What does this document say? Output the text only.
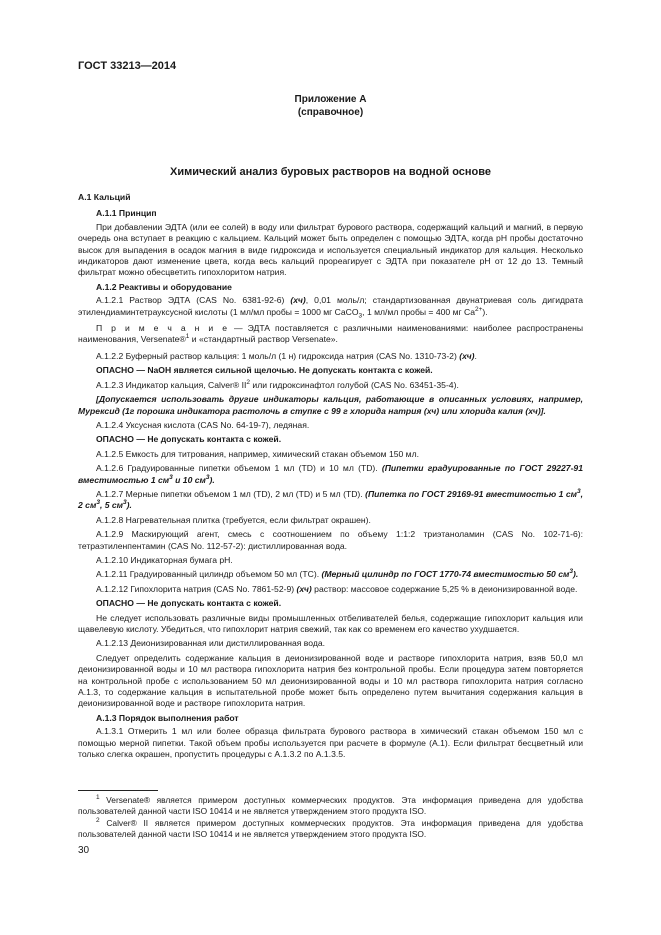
ГОСТ 33213—2014
Приложение А
(справочное)
Химический анализ буровых растворов на водной основе

А.1 Кальций

А.1.1 Принцип

При добавлении ЭДТА (или ее солей) в воду или фильтрат бурового раствора, содержащий кальций и магний, в первую очередь она вступает в реакцию с кальцием. Кальций может быть определен с помощью ЭДТА, когда pH пробы достаточно высок для выпадения в осадок магния в виде гидроксида и используется специальный индикатор для кальция. Несколько индикаторов дают изменение цвета, когда весь кальций прореагирует с ЭДТА при показателе pH от 12 до 13. Темный фильтрат можно обесцветить гипохлоритом натрия.

А.1.2 Реактивы и оборудование

А.1.2.1 Раствор ЭДТА (CAS No. 6381-92-6) (хч), 0,01 моль/л; стандартизованная двунатриевая соль дигидрата этилендиаминтетрауксусной кислоты (1 мл/мл пробы = 1000 мг CaCO$_3$, 1 мл/мл пробы = 400 мг $Ca^{2+}$).

П р и м е ч а н и е — ЭДТА поставляется с различными наименованиями: наиболее распространены наименования, Versenate®$^1$ и «стандартный раствор Versenate».

А.1.2.2 Буферный раствор кальция: 1 моль/л (1 н) гидроксида натрия (CAS No. 1310-73-2) (хч).

ОПАСНО — NaOH является сильной щелочью. Не допускать контакта с кожей.

А.1.2.3 Индикатор кальция, Calver® $II^2$ или гидроксинафтол голубой (CAS No. 63451-35-4).

[Допускается использовать другие индикаторы кальция, работающие в описанных условиях, например, Мурексид (1г порошка индикатора растолочь в ступке с 99 г хлорида натрия (хч) или хлорида калия (хч)].

А.1.2.4 Уксусная кислота (CAS No. 64-19-7), ледяная.

ОПАСНО — Не допускать контакта с кожей.

А.1.2.5 Емкость для титрования, например, химический стакан объемом 150 мл.

А.1.2.6 Градуированные пипетки объемом 1 мл (TD) и 10 мл (TD). (Пипетки градуированные по ГОСТ 29227-91 вместимостью 1 $см^3$ и 10 $см^3$).

А.1.2.7 Мерные пипетки объемом 1 мл (TD), 2 мл (TD) и 5 мл (TD). (Пипетка по ГОСТ 29169-91 вместимостью 1 $см^3$, 2 $см^3$, 5 $см^3$).

А.1.2.8 Нагревательная плитка (требуется, если фильтрат окрашен).

А.1.2.9 Маскирующий агент, смесь с соотношением по объему 1:1:2 триэтаноламин (CAS No. 102-71-6): тетраэтиленпентамин (CAS No. 112-57-2): дистиллированная вода.

А.1.2.10 Индикаторная бумага pH.

А.1.2.11 Градуированный цилиндр объемом 50 мл (TC). (Мерный цилиндр по ГОСТ 1770-74 вместимостью 50 $см^3$).

А.1.2.12 Гипохлорита натрия (CAS No. 7861-52-9) (хч) раствор: массовое содержание 5,25 % в деионизированной воде.

ОПАСНО — Не допускать контакта с кожей.

Не следует использовать различные виды промышленных отбеливателей белья, содержащие гипохлорит кальция или щавелевую кислоту. Убедиться, что гипохлорит натрия свежий, так как со временем его качество ухудшается.

А.1.2.13 Деионизированная или дистиллированная вода.

Следует определить содержание кальция в деионизированной воде и растворе гипохлорита натрия, взяв 50,0 мл деионизированной воды и 10 мл раствора гипохлорита натрия без контрольной пробы. Если процедура затем повторяется на контрольной пробе с использованием 50 мл деионизированной воды и 10 мл раствора гипохлорита натрия согласно А.1.3, то содержание кальция в испытательной пробе может быть определено путем вычитания содержания кальция в деионизированной воде и растворе гипохлорита натрия.

А.1.3 Порядок выполнения работ

А.1.3.1 Отмерить 1 мл или более образца фильтрата бурового раствора в химический стакан объемом 150 мл с помощью мерной пипетки. Такой объем пробы используется при расчете в формуле (А.1). Если фильтрат бесцветный или только слегка окрашен, пропустить процедуры с А.1.3.2 по А.1.3.5.

$^1$ Versenate® является примером доступных коммерческих продуктов. Эта информация приведена для удобства пользователей данной части ISO 10414 и не является утверждением этого продукта ISO.
$^2$ Calver® II является примером доступных коммерческих продуктов. Эта информация приведена для удобства пользователей данной части ISO 10414 и не является утверждением этого продукта ISO.
30
